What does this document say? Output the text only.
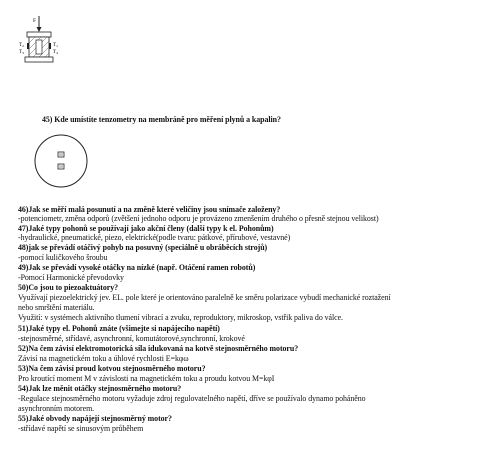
F
$T_1$
$T_4$
$T_2$
$T_3$
45) Kde umístíte tenzometry na membráně pro měření plynů a kapalin?
46)Jak se měří malá posunutí a na změně které veličiny jsou snímače založeny?
-potenciometr, změna odporů (zvětšení jednoho odporu je provázeno zmenšením druhého o přesně stejnou velikost)
47)Jaké typy pohonů se používají jako akční členy (další typy k el. Pohonům)
-hydraulické, pneumatické, piezo, elektrické(podle tvaru: pátkové, přírubové, vestavné)
48)jak se převádí otáčivý pohyb na posuvný (speciálně u obráběcích strojů)
-pomocí kuličkového šroubu
49)Jak se převádí vysoké otáčky na nízké (např. Otáčení ramen robotů)
-Pomocí Harmonické převodovky
50)Co jsou to piezoaktuátory?
Využívají piezoelektrický jev. EL. pole které je orientováno paralelně ke směru polarizace vybudí mechanické roztažení
nebo smrštění materiálu.
Využití: v systémech aktivního tlumení vibrací a zvuku, reproduktory, mikroskop, vstřik paliva do válce.
51)Jaké typy el. Pohonů znáte (všimejte si napájecího napětí)
-stejnosměrné, střídavé, asynchronní, komutátorové,synchronní, krokové
52)Na čem závisí elektromotorická síla idukovaná na kotvě stejnosměrného motoru?
Závisí na magnetickém toku a úhlové rychlosti E=kφω
53)Na čem závisí proud kotvou stejnosměrného motoru?
Pro kroutící moment M v závislosti na magnetickém toku a proudu kotvou M=kφI
54)Jak lze měnit otáčky stejnosměrného motoru?
-Regulace stejnosměrného motoru vyžaduje zdroj regulovatelného napětí, dříve se používalo dynamo poháněno
asynchronním motorem.
55)Jaké obvody napájejí stejnosměrný motor?
-střídavé napětí se sinusovým průběhem
